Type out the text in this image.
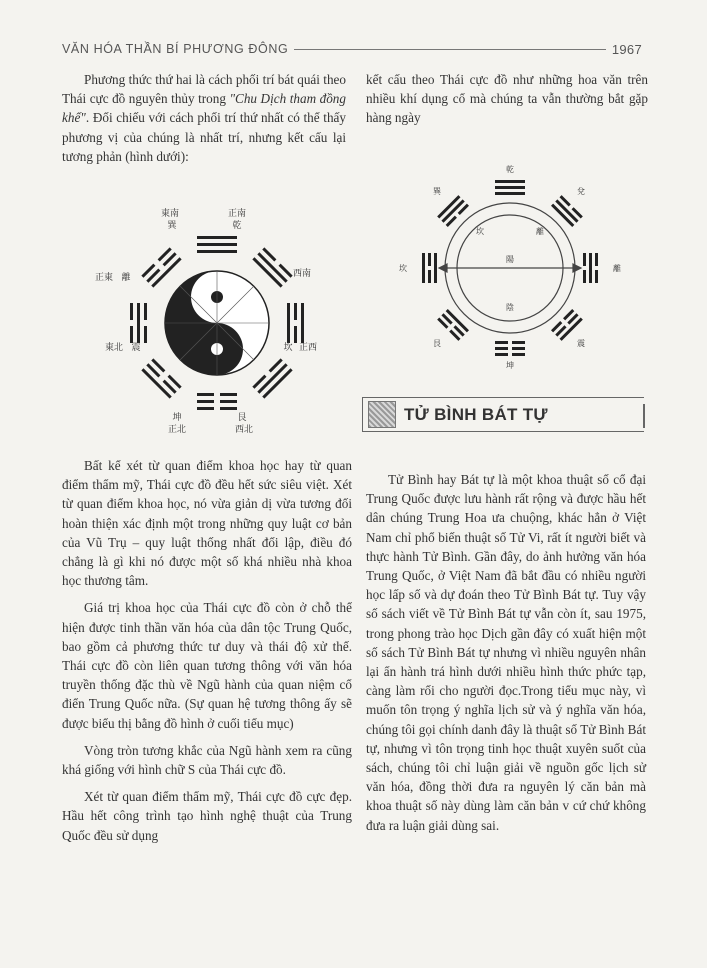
VĂN HÓA THẦN BÍ PHƯƠNG ĐÔNG	1967

Phương thức thứ hai là cách phối trí bát quái theo Thái cực đồ nguyên thủy trong "Chu Dịch tham đồng khế". Đối chiếu với cách phối trí thứ nhất có thể thấy phương vị của chúng là nhất trí, nhưng kết cấu lại tương phản (hình dưới):

東南
巽
正南
乾
西南
坎 正西
艮
西北
坤
正北
震
東北
離
正東

Bất kể xét từ quan điểm khoa học hay từ quan điểm thẩm mỹ, Thái cực đồ đều hết sức siêu việt. Xét từ quan điểm khoa học, nó vừa giản dị vừa tương đối hoàn thiện xác định một trong những quy luật cơ bản của Vũ Trụ – quy luật thống nhất đối lập, điều đó chẳng là gì khi nó được một số khá nhiều nhà khoa học thương tâm.

Giá trị khoa học của Thái cực đồ còn ở chỗ thể hiện được tinh thần văn hóa của dân tộc Trung Quốc, bao gồm cả phương thức tư duy và thái độ xử thế. Thái cực đồ còn liên quan tương thông với văn hóa truyền thống đặc thù về Ngũ hành của quan niệm cổ điển Trung Quốc nữa. (Sự quan hệ tương thông ấy sẽ được biểu thị bằng đồ hình ở cuối tiểu mục)

Vòng tròn tương khắc của Ngũ hành xem ra cũng khá giống với hình chữ S của Thái cực đồ.

Xét từ quan điểm thẩm mỹ, Thái cực đồ cực đẹp. Hầu hết công trình tạo hình nghệ thuật của Trung Quốc đều sử dụng

kết cấu theo Thái cực đồ như những hoa văn trên nhiều khí dụng cổ mà chúng ta vẫn thường bắt gặp hàng ngày

乾
兌
離
震
坤
艮
坎
巽
坎	離
陽
陰
TỬ BÌNH BÁT TỰ

Tử Bình hay Bát tự là một khoa thuật số cổ đại Trung Quốc được lưu hành rất rộng và được hầu hết dân chúng Trung Hoa ưa chuộng, khác hẳn ở Việt Nam chỉ phổ biến thuật số Tử Vi, rất ít người biết và thực hành Tử Bình. Gần đây, do ảnh hưởng văn hóa Trung Quốc, ở Việt Nam đã bắt đầu có nhiều người học lấp số và dự đoán theo Tử Bình Bát tự. Tuy vậy số sách viết về Tử Bình Bát tự vẫn còn ít, sau 1975, trong phong trào học Dịch gần đây có xuất hiện một số sách Tử Bình Bát tự nhưng vì nhiều nguyên nhân lại ẩn hành trá hình dưới nhiều hình thức phức tạp, càng làm rối cho người đọc.Trong tiểu mục này, vì muốn tôn trọng ý nghĩa lịch sử và ý nghĩa văn hóa, chúng tôi gọi chính danh đây là thuật số Tử Bình Bát tự, nhưng vì tôn trọng tinh học thuật xuyên suốt của sách, chúng tôi chỉ luận giải về nguồn gốc lịch sử văn hóa, đồng thời đưa ra nguyên lý căn bản mà khoa thuật số này dùng làm căn bản v cứ chứ không đưa ra luận giải dùng sai.
